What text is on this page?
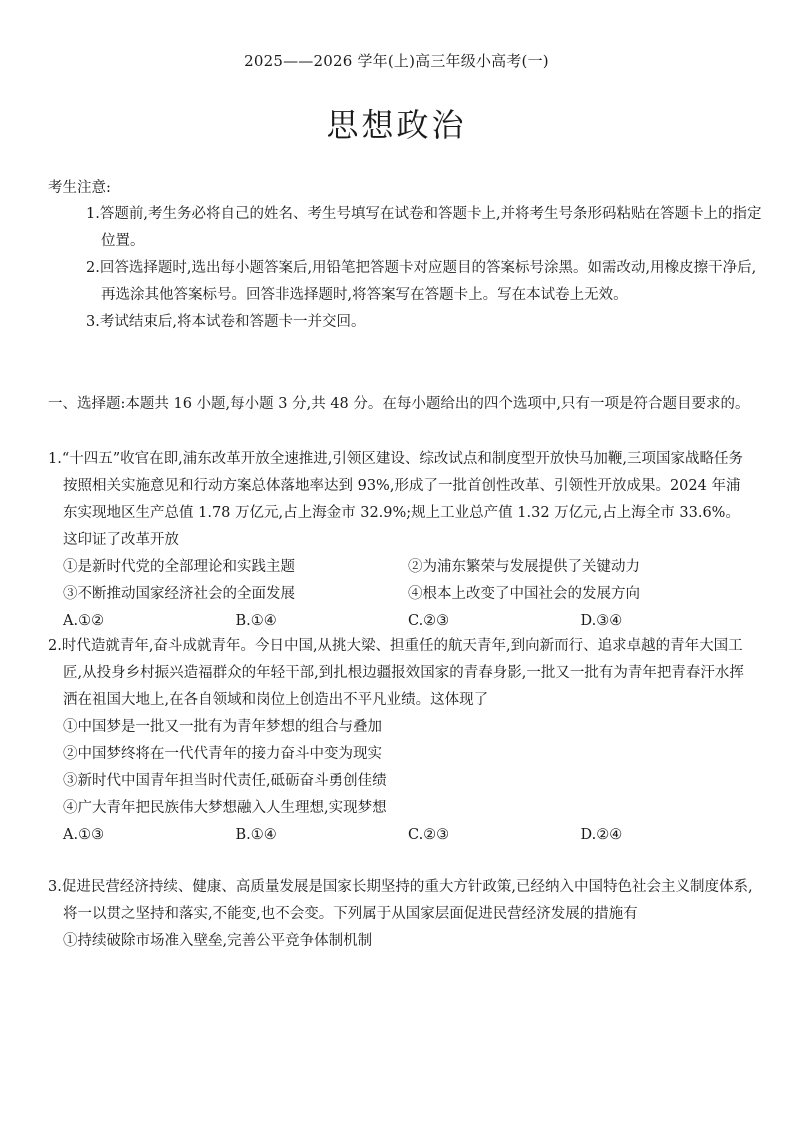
2025——2026 学年(上)高三年级小高考(一)
思想政治
考生注意:

1.答题前,考生务必将自己的姓名、考生号填写在试卷和答题卡上,并将考生号条形码粘贴在答题卡上的指定位置。

2.回答选择题时,选出每小题答案后,用铅笔把答题卡对应题目的答案标号涂黑。如需改动,用橡皮擦干净后,再选涂其他答案标号。回答非选择题时,将答案写在答题卡上。写在本试卷上无效。

3.考试结束后,将本试卷和答题卡一并交回。

一、选择题:本题共 16 小题,每小题 3 分,共 48 分。在每小题给出的四个选项中,只有一项是符合题目要求的。

1.“十四五”收官在即,浦东改革开放全速推进,引领区建设、综改试点和制度型开放快马加鞭,三项国家战略任务按照相关实施意见和行动方案总体落地率达到 93%,形成了一批首创性改革、引领性开放成果。2024 年浦东实现地区生产总值 1.78 万亿元,占上海金市 32.9%;规上工业总产值 1.32 万亿元,占上海全市 33.6%。这印证了改革开放

①是新时代党的全部理论和实践主题	②为浦东繁荣与发展提供了关键动力
③不断推动国家经济社会的全面发展	④根本上改变了中国社会的发展方向
A.①②	B.①④	C.②③	D.③④

2.时代造就青年,奋斗成就青年。今日中国,从挑大梁、担重任的航天青年,到向新而行、追求卓越的青年大国工匠,从投身乡村振兴造福群众的年轻干部,到扎根边疆报效国家的青春身影,一批又一批有为青年把青春汗水挥洒在祖国大地上,在各自领域和岗位上创造出不平凡业绩。这体现了

①中国梦是一批又一批有为青年梦想的组合与叠加

②中国梦终将在一代代青年的接力奋斗中变为现实

③新时代中国青年担当时代责任,砥砺奋斗勇创佳绩

④广大青年把民族伟大梦想融入人生理想,实现梦想

A.①③	B.①④	C.②③	D.②④

3.促进民营经济持续、健康、高质量发展是国家长期坚持的重大方针政策,已经纳入中国特色社会主义制度体系,将一以贯之坚持和落实,不能变,也不会变。下列属于从国家层面促进民营经济发展的措施有

①持续破除市场准入壁垒,完善公平竞争体制机制
